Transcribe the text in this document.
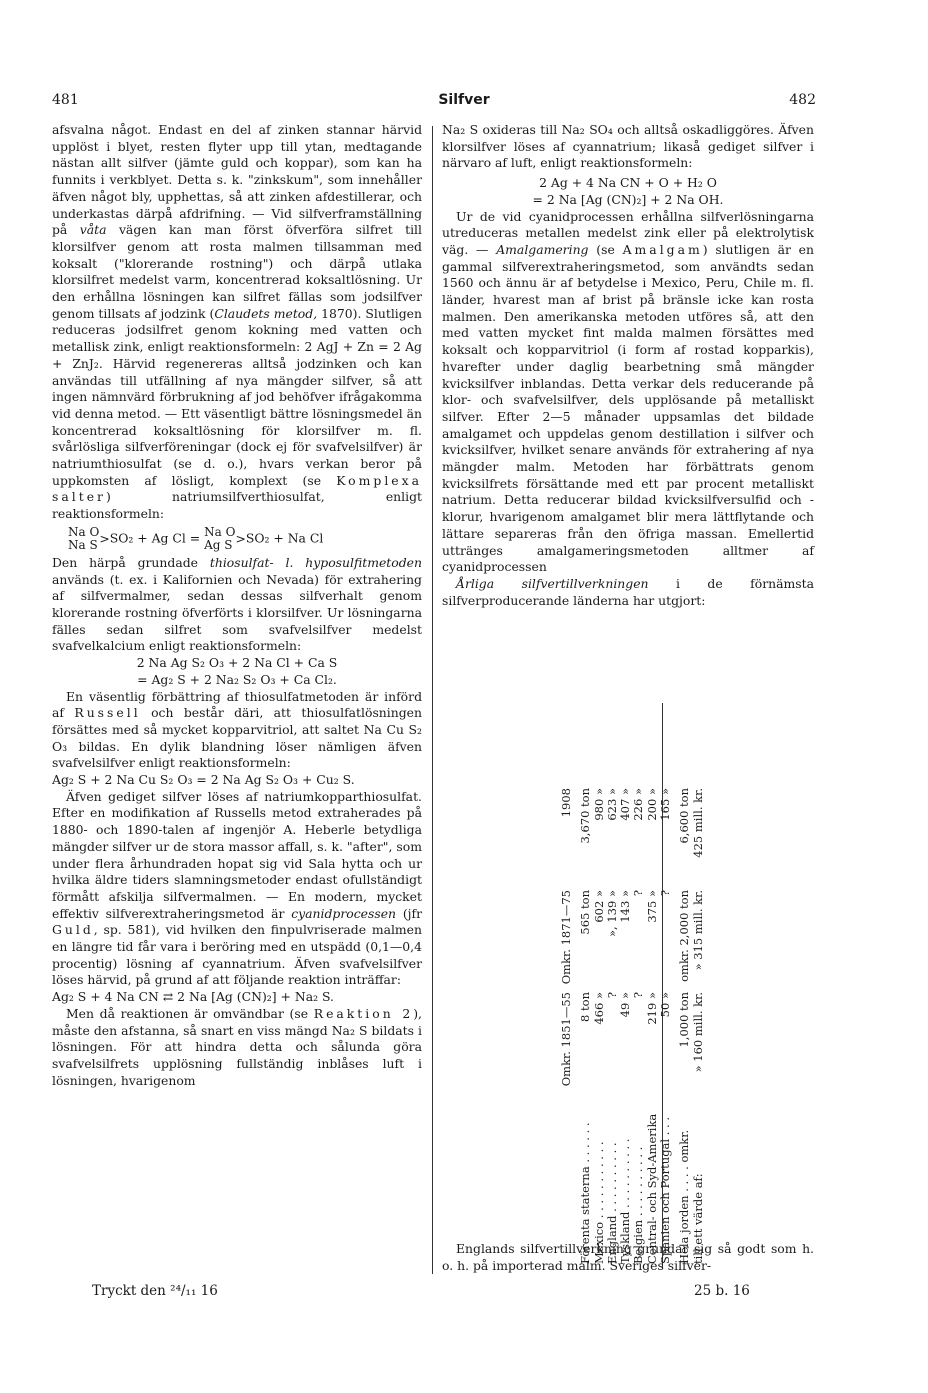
481	Silfver	482

afsvalna något. Endast en del af zinken stannar härvid upplöst i blyet, resten flyter upp till ytan, medtagande nästan allt silfver (jämte guld och koppar), som kan ha funnits i verkblyet. Detta s. k. "zinkskum", som innehåller äfven något bly, upphettas, så att zinken afdestillerar, och underkastas därpå afdrifning. — Vid silfverframställning på våta vägen kan man först öfverföra silfret till klorsilfver genom att rosta malmen tillsamman med koksalt ("klorerande rostning") och därpå utlaka klorsilfret medelst varm, koncentrerad koksaltlösning. Ur den erhållna lösningen kan silfret fällas som jodsilfver genom tillsats af jodzink (Claudets metod, 1870). Slutligen reduceras jodsilfret genom kokning med vatten och metallisk zink, enligt reaktionsformeln: 2 AgJ + Zn = 2 Ag + ZnJ₂. Härvid regenereras alltså jodzinken och kan användas till utfällning af nya mängder silfver, så att ingen nämnvärd förbrukning af jod behöfver ifrågakomma vid denna metod. — Ett väsentligt bättre lösningsmedel än koncentrerad koksaltlösning för klorsilfver m. fl. svårlösliga silfverföreningar (dock ej för svafvelsilfver) är natriumthiosulfat (se d. o.), hvars verkan beror på uppkomsten af lösligt, komplext (se Komplexa salter) natriumsilfverthiosulfat, enligt reaktionsformeln:

Na O
Na S >SO₂ + Ag Cl = Na O
Ag S >SO₂ + Na Cl

Den härpå grundade thiosulfat- l. hyposulfitmetoden används (t. ex. i Kalifornien och Nevada) för extrahering af silfvermalmer, sedan dessas silfverhalt genom klorerande rostning öfverförts i klorsilfver. Ur lösningarna fälles sedan silfret som svafvelsilfver medelst svafvelkalcium enligt reaktionsformeln:

2 Na Ag S₂ O₃ + 2 Na Cl + Ca S

= Ag₂ S + 2 Na₂ S₂ O₃ + Ca Cl₂.

En väsentlig förbättring af thiosulfatmetoden är införd af Russell och består däri, att thiosulfatlösningen försättes med så mycket kopparvitriol, att saltet Na Cu S₂ O₃ bildas. En dylik blandning löser nämligen äfven svafvelsilfver enligt reaktionsformeln:

Ag₂ S + 2 Na Cu S₂ O₃ = 2 Na Ag S₂ O₃ + Cu₂ S.

Äfven gediget silfver löses af natriumkopparthiosulfat. Efter en modifikation af Russells metod extraherades på 1880- och 1890-talen af ingenjör A. Heberle betydliga mängder silfver ur de stora massor affall, s. k. "after", som under flera århundraden hopat sig vid Sala hytta och ur hvilka äldre tiders slamningsmetoder endast ofullständigt förmått afskilja silfvermalmen. — En modern, mycket effektiv silfverextraheringsmetod är cyanidprocessen (jfr Guld, sp. 581), vid hvilken den finpulvriserade malmen en längre tid får vara i beröring med en utspädd (0,1—0,4 procentig) lösning af cyannatrium. Äfven svafvelsilfver löses härvid, på grund af att följande reaktion inträffar:

Ag₂ S + 4 Na CN ⇄ 2 Na [Ag (CN)₂] + Na₂ S.

Men då reaktionen är omvändbar (se Reaktion 2), måste den afstanna, så snart en viss mängd Na₂ S bildats i lösningen. För att hindra detta och sålunda göra svafvelsilfrets upplösning fullständig inblåses luft i lösningen, hvarigenom

Na₂ S oxideras till Na₂ SO₄ och alltså oskadliggöres. Äfven klorsilfver löses af cyannatrium; likaså gediget silfver i närvaro af luft, enligt reaktionsformeln:

2 Ag + 4 Na CN + O + H₂ O

= 2 Na [Ag (CN)₂] + 2 Na OH.

Ur de vid cyanidprocessen erhållna silfverlösningarna utreduceras metallen medelst zink eller på elektrolytisk väg. — Amalgamering (se Amalgam) slutligen är en gammal silfverextraheringsmetod, som användts sedan 1560 och ännu är af betydelse i Mexico, Peru, Chile m. fl. länder, hvarest man af brist på bränsle icke kan rosta malmen. Den amerikanska metoden utföres så, att den med vatten mycket fint malda malmen försättes med koksalt och kopparvitriol (i form af rostad kopparkis), hvarefter under daglig bearbetning små mängder kvicksilfver inblandas. Detta verkar dels reducerande på klor- och svafvelsilfver, dels upplösande på metalliskt silfver. Efter 2—5 månader uppsamlas det bildade amalgamet och uppdelas genom destillation i silfver och kvicksilfver, hvilket senare används för extrahering af nya mängder malm. Metoden har förbättrats genom kvicksilfrets försättande med ett par procent metalliskt natrium. Detta reducerar bildad kvicksilfversulfid och -klorur, hvarigenom amalgamet blir mera lättflytande och lättare separeras från den öfriga massan. Emellertid uttränges amalgameringsmetoden alltmer af cyanidprocessen

Årliga silfvertillverkningen i de förnämsta silfverproducerande länderna har utgjort:

	Omkr. 1851—55	Omkr. 1871—75	1908
Förenta staterna . . . . . .	8 ton	565 ton	3,670 ton
Mexico . . . . . . . . . . .	466 »	602 »	980 »
England . . . . . . . . . .	?	», 139 »	623 »
Tyskland . . . . . . . . . .	49 »	143 »	407 »
Belgien . . . . . . . . . .	?	?	226 »
Central- och Syd-Amerika	219 »	375 »	200 »
Spanien och Portugal . . .	50 »	?	165 »
Hela jorden . . . . omkr.	1,000 ton	omkr. 2,000 ton	6,600 ton
till ett värde af:	» 160 mill. kr.	» 315 mill. kr.	425 mill. kr.

Englands silfvertillverkning grundar sig så godt som h. o. h. på importerad malm. Sveriges silfver-

Tryckt den ²⁴/₁₁ 16	25 b. 16
